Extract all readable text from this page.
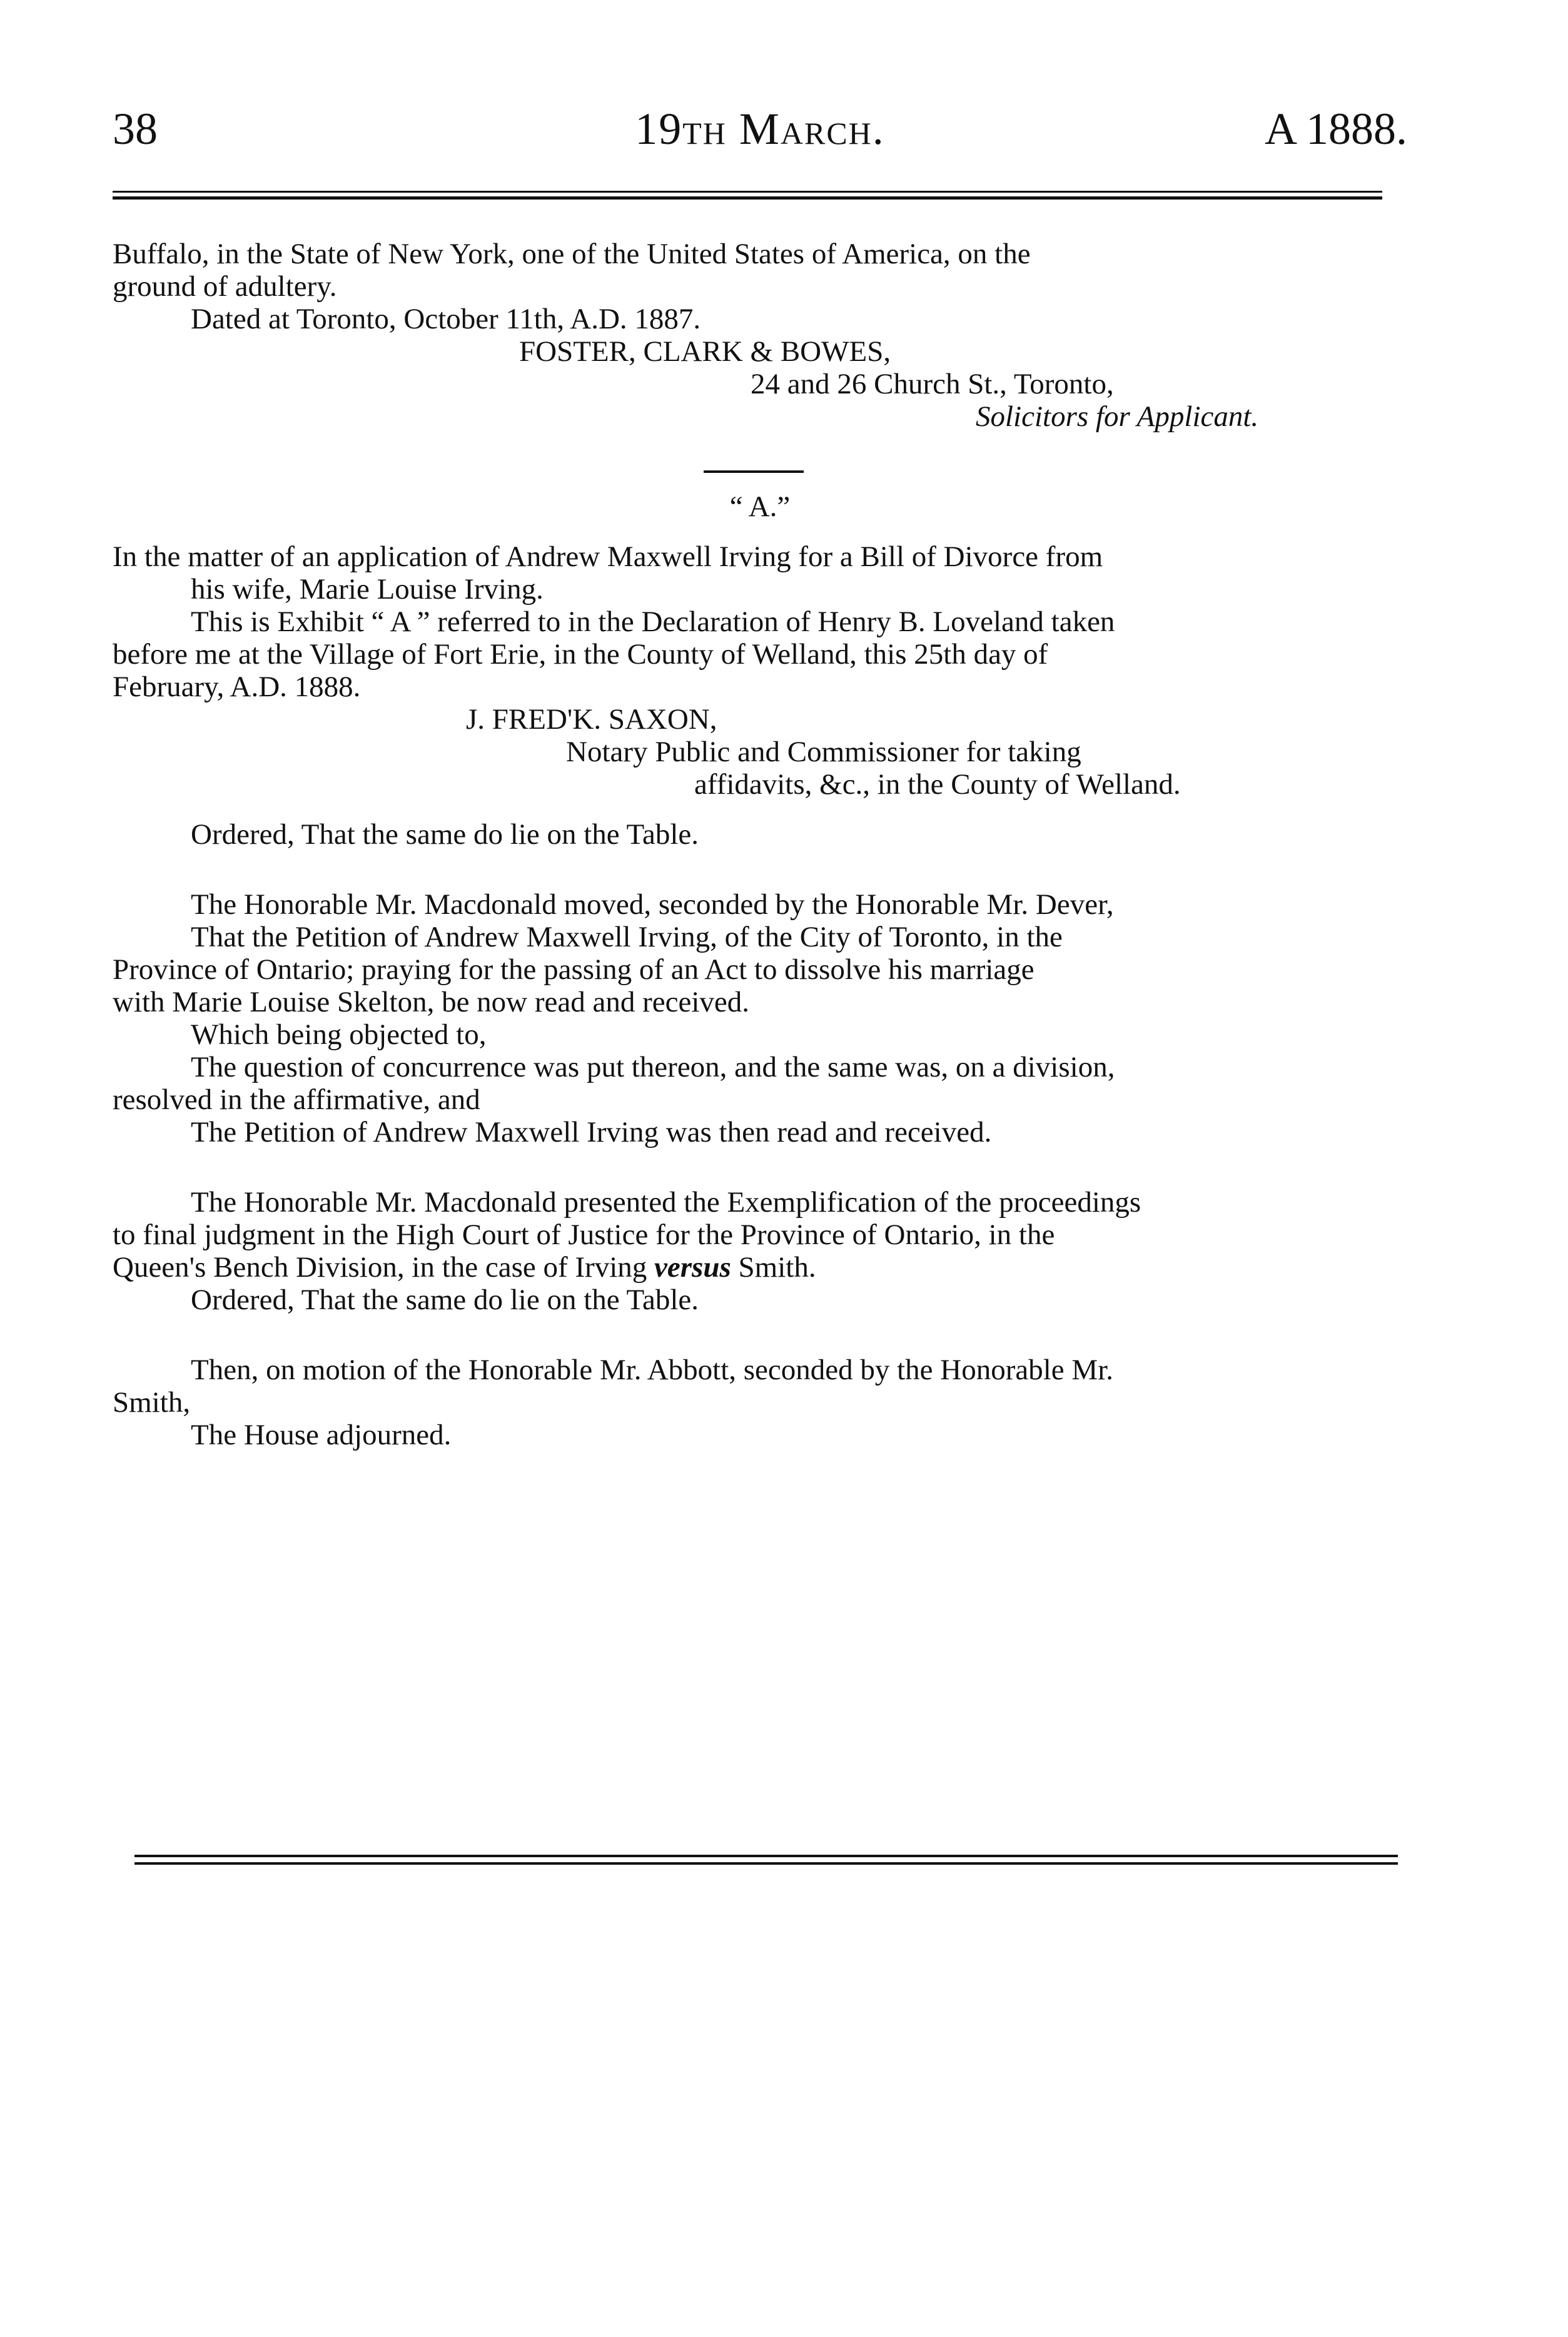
38	19th March.	A 1888.

Buffalo, in the State of New York, one of the United States of America, on the

ground of adultery.

Dated at Toronto, October 11th, A.D. 1887.

FOSTER, CLARK & BOWES,

24 and 26 Church St., Toronto,

Solicitors for Applicant.

“ A.”

In the matter of an application of Andrew Maxwell Irving for a Bill of Divorce from

his wife, Marie Louise Irving.

This is Exhibit “ A ” referred to in the Declaration of Henry B. Loveland taken

before me at the Village of Fort Erie, in the County of Welland, this 25th day of

February, A.D. 1888.

J. FRED'K. SAXON,

Notary Public and Commissioner for taking

affidavits, &c., in the County of Welland.

Ordered, That the same do lie on the Table.

The Honorable Mr. Macdonald moved, seconded by the Honorable Mr. Dever,

That the Petition of Andrew Maxwell Irving, of the City of Toronto, in the

Province of Ontario; praying for the passing of an Act to dissolve his marriage

with Marie Louise Skelton, be now read and received.

Which being objected to,

The question of concurrence was put thereon, and the same was, on a division,

resolved in the affirmative, and

The Petition of Andrew Maxwell Irving was then read and received.

The Honorable Mr. Macdonald presented the Exemplification of the proceedings

to final judgment in the High Court of Justice for the Province of Ontario, in the

Queen's Bench Division, in the case of Irving versus Smith.

Ordered, That the same do lie on the Table.

Then, on motion of the Honorable Mr. Abbott, seconded by the Honorable Mr.

Smith,

The House adjourned.
